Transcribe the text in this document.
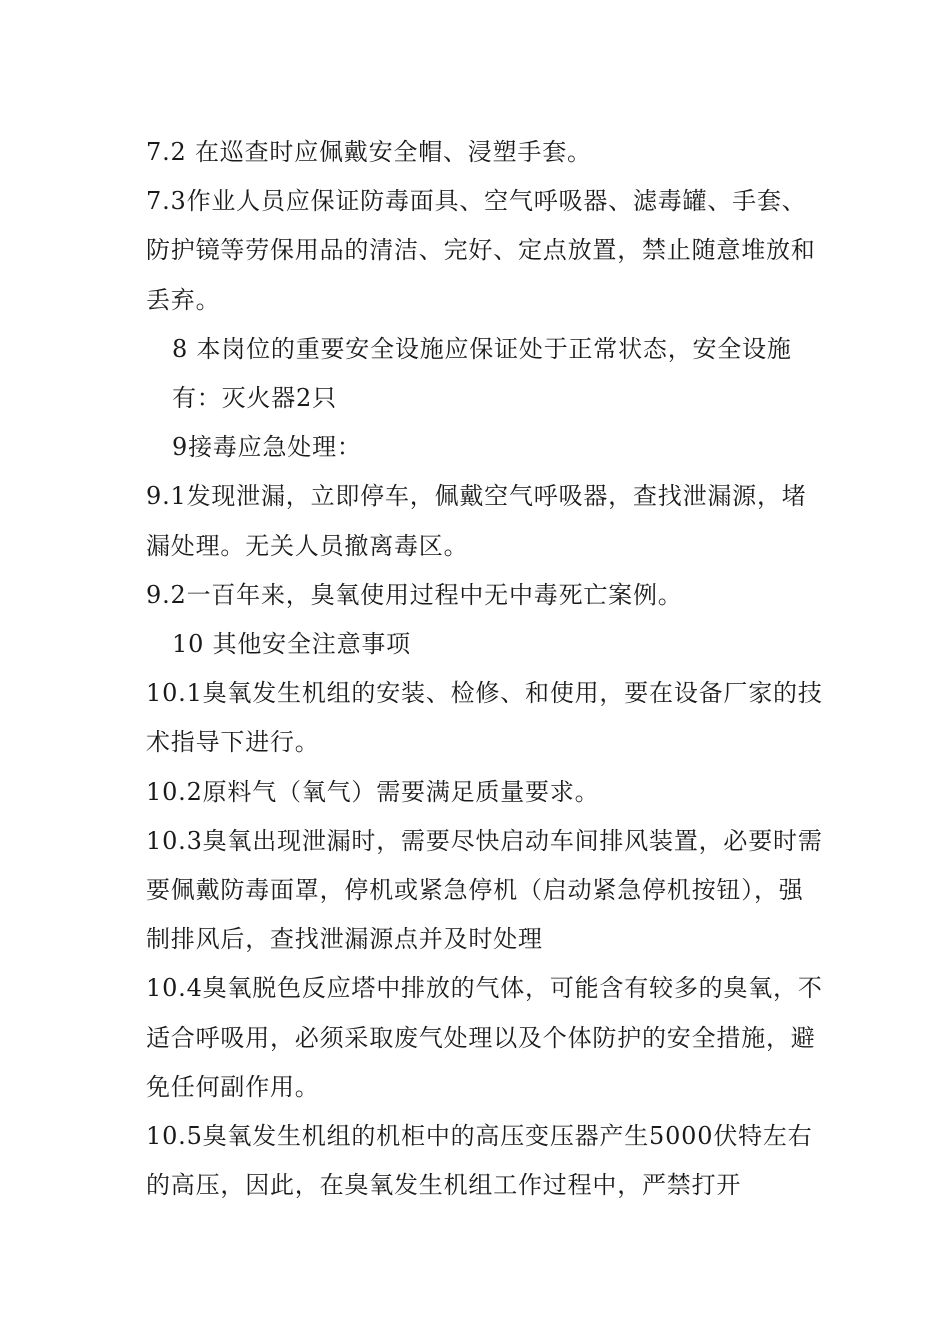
7.2 在巡查时应佩戴安全帽、浸塑手套。

7.3作业人员应保证防毒面具、空气呼吸器、滤毒罐、手套、防护镜等劳保用品的清洁、完好、定点放置，禁止随意堆放和丢弃。

8 本岗位的重要安全设施应保证处于正常状态，安全设施有：灭火器2只

9接毒应急处理：

9.1发现泄漏，立即停车，佩戴空气呼吸器，查找泄漏源，堵漏处理。无关人员撤离毒区。

9.2一百年来，臭氧使用过程中无中毒死亡案例。

10 其他安全注意事项

10.1臭氧发生机组的安装、检修、和使用，要在设备厂家的技术指导下进行。

10.2原料气（氧气）需要满足质量要求。

10.3臭氧出现泄漏时，需要尽快启动车间排风装置，必要时需要佩戴防毒面罩，停机或紧急停机（启动紧急停机按钮），强制排风后，查找泄漏源点并及时处理

10.4臭氧脱色反应塔中排放的气体，可能含有较多的臭氧，不适合呼吸用，必须采取废气处理以及个体防护的安全措施，避免任何副作用。

10.5臭氧发生机组的机柜中的高压变压器产生5000伏特左右的高压，因此，在臭氧发生机组工作过程中，严禁打开
